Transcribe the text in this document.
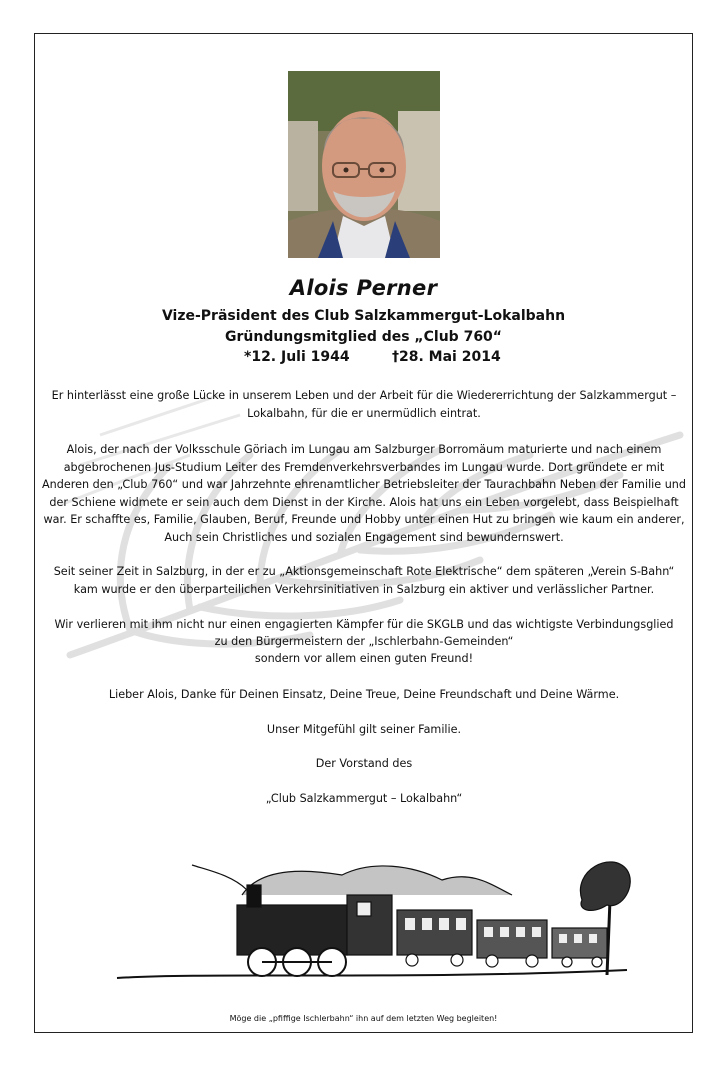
Alois Perner
Vize-Präsident des Club Salzkammergut-Lokalbahn
Gründungsmitglied des „Club 760“
*12. Juli 1944	†28. Mai 2014
Er hinterlässt eine große Lücke in unserem Leben und der Arbeit für die Wiedererrichtung der Salzkammergut – Lokalbahn, für die er unermüdlich eintrat.
Alois, der nach der Volksschule Göriach im Lungau am Salzburger Borromäum maturierte und nach einem abgebrochenen Jus-Studium Leiter des Fremdenverkehrsverbandes im Lungau wurde. Dort gründete er mit Anderen den „Club 760“ und war Jahrzehnte ehrenamtlicher Betriebsleiter der Taurachbahn Neben der Familie und der Schiene widmete er sein auch dem Dienst in der Kirche. Alois hat uns ein Leben vorgelebt, dass Beispielhaft war. Er schaffte es, Familie, Glauben, Beruf, Freunde und Hobby unter einen Hut zu bringen wie kaum ein anderer, Auch sein Christliches und sozialen Engagement sind bewundernswert.
Seit seiner Zeit in Salzburg, in der er zu „Aktionsgemeinschaft Rote Elektrische“ dem späteren „Verein S-Bahn“ kam wurde er den überparteilichen Verkehrsinitiativen in Salzburg ein aktiver und verlässlicher Partner.
Wir verlieren mit ihm nicht nur einen engagierten Kämpfer für die SKGLB und das wichtigste Verbindungsglied
zu den Bürgermeistern der „Ischlerbahn-Gemeinden“
sondern vor allem einen guten Freund!
Lieber Alois, Danke für Deinen Einsatz, Deine Treue, Deine Freundschaft und Deine Wärme.
Unser Mitgefühl gilt seiner Familie.
Der Vorstand des
„Club Salzkammergut – Lokalbahn“
Möge die „pfiffige Ischlerbahn“ ihn auf dem letzten Weg begleiten!
